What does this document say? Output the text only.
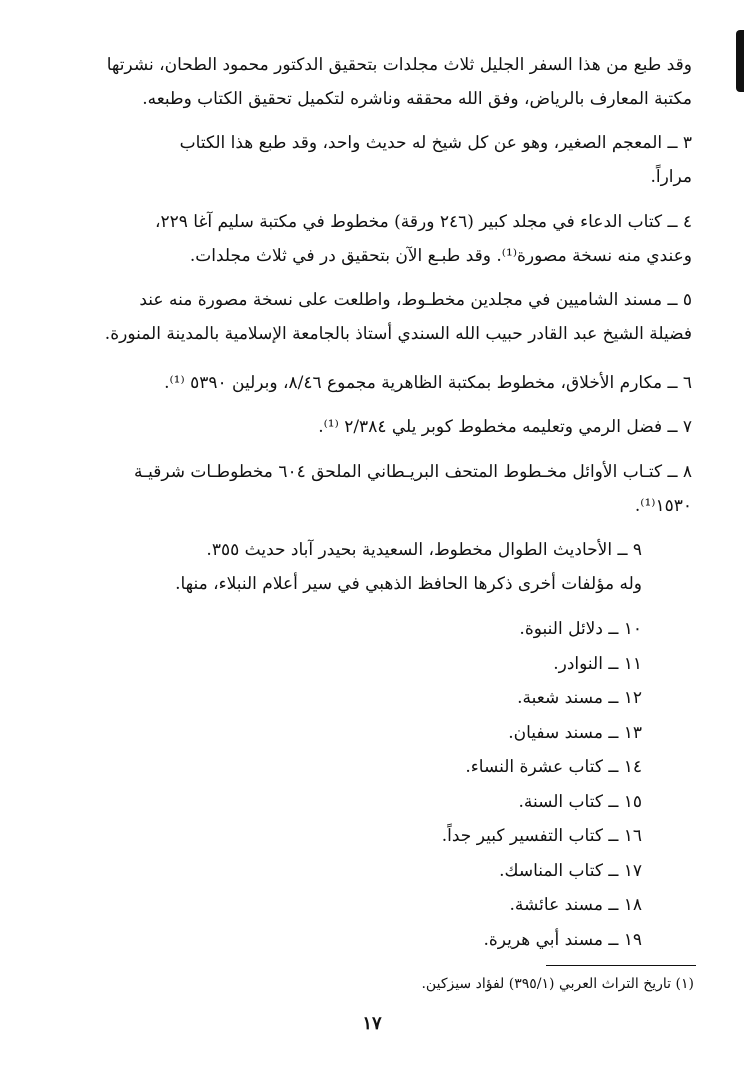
وقد طبع من هذا السفر الجليل ثلاث مجلدات بتحقيق الدكتور محمود الطحان، نشرتها
مكتبة المعارف بالرياض، وفق الله محققه وناشره لتكميل تحقيق الكتاب وطبعه.
٣ ــ المعجم الصغير، وهو عن كل شيخ له حديث واحد، وقد طبع هذا الكتاب
مراراً.
٤ ــ كتاب الدعاء في مجلد كبير (٢٤٦ ورقة) مخطوط في مكتبة سليم آغا ٢٢٩،
وعندي منه نسخة مصورة⁽¹⁾. وقد طبـع الآن بتحقيق در في ثلاث مجلدات.
٥ ــ مسند الشاميين في مجلدين مخطـوط، واطلعت على نسخة مصورة منه عند
فضيلة الشيخ عبد القادر حبيب الله السندي أستاذ بالجامعة الإسلامية بالمدينة المنورة.
٦ ــ مكارم الأخلاق، مخطوط بمكتبة الظاهرية مجموع ٨/٤٦، وبرلين ٥٣٩٠ ⁽¹⁾.
٧ ــ فضل الرمي وتعليمه مخطوط كوبر يلي ٢/٣٨٤ ⁽¹⁾.
٨ ــ كتـاب الأوائل مخـطوط المتحف البريـطاني الملحق ٦٠٤ مخطوطـات شرقيـة
١٥٣٠⁽¹⁾.
٩ ــ الأحاديث الطوال مخطوط، السعيدية بحيدر آباد حديث ٣٥٥.
وله مؤلفات أخرى ذكرها الحافظ الذهبي في سير أعلام النبلاء، منها.
١٠ ــ دلائل النبوة.
١١ ــ النوادر.
١٢ ــ مسند شعبة.
١٣ ــ مسند سفيان.
١٤ ــ كتاب عشرة النساء.
١٥ ــ كتاب السنة.
١٦ ــ كتاب التفسير كبير جداً.
١٧ ــ كتاب المناسك.
١٨ ــ مسند عائشة.
١٩ ــ مسند أبي هريرة.
(١) تاريخ التراث العربي (٣٩٥/١) لفؤاد سيزكين.
١٧
